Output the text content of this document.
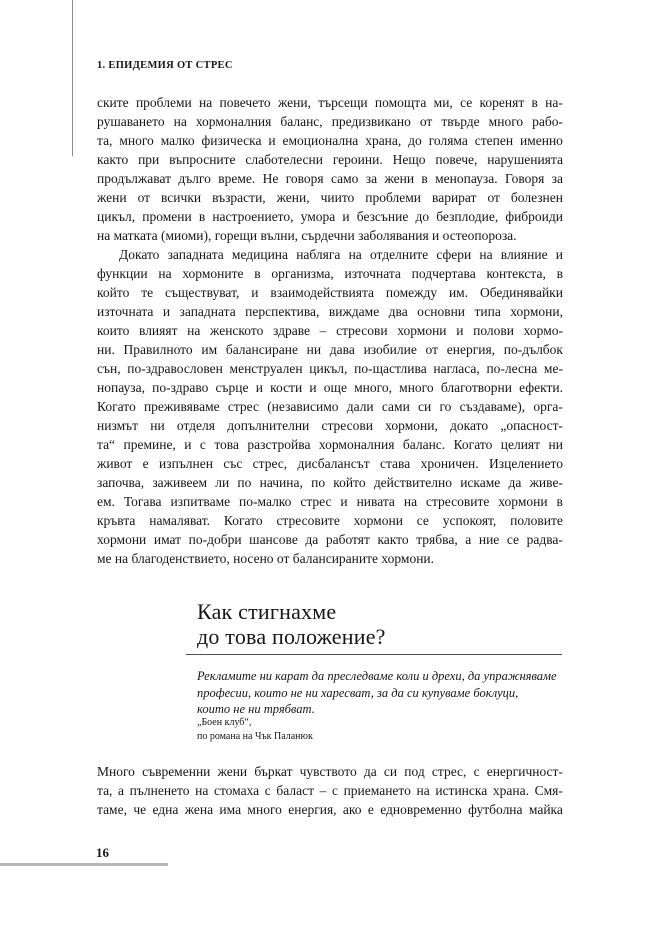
1. ЕПИДЕМИЯ ОТ СТРЕС
ските проблеми на повечето жени, търсещи помощта ми, се коренят в на-
рушаването на хормоналния баланс, предизвикано от твърде много рабо-
та, много малко физическа и емоционална храна, до голяма степен именно
както при въпросните слаботелесни героини. Нещо повече, нарушенията
продължават дълго време. Не говоря само за жени в менопауза. Говоря за
жени от всички възрасти, жени, чиито проблеми варират от болезнен
цикъл, промени в настроението, умора и безсъние до безплодие, фиброиди
на матката (миоми), горещи вълни, сърдечни заболявания и остеопороза.
Докато западната медицина набляга на отделните сфери на влияние и
функции на хормоните в организма, източната подчертава контекста, в
който те съществуват, и взаимодействията помежду им. Обединявайки
източната и западната перспектива, виждаме два основни типа хормони,
които влияят на женското здраве – стресови хормони и полови хормо-
ни. Правилното им балансиране ни дава изобилие от енергия, по-дълбок
сън, по-здравословен менструален цикъл, по-щастлива нагласа, по-лесна ме-
нопауза, по-здраво сърце и кости и още много, много благотворни ефекти.
Когато преживяваме стрес (независимо дали сами си го създаваме), орга-
низмът ни отделя допълнителни стресови хормони, докато „опасност-
та“ премине, и с това разстройва хормоналния баланс. Когато целият ни
живот е изпълнен със стрес, дисбалансът става хроничен. Изцелението
започва, заживеем ли по начина, по който действително искаме да живе-
ем. Тогава изпитваме по-малко стрес и нивата на стресовите хормони в
кръвта намаляват. Когато стресовите хормони се успокоят, половите
хормони имат по-добри шансове да работят както трябва, а ние се радва-
ме на благоденствието, носено от балансираните хормони.
Как стигнахме
до това положение?
Рекламите ни карат да преследваме коли и дрехи, да упражняваме
професии, които не ни харесват, за да си купуваме боклуци,
които не ни трябват.
„Боен клуб“,
по романа на Чък Паланюк
Много съвременни жени бъркат чувството да си под стрес, с енергичност-
та, а пълненето на стомаха с баласт – с приемането на истинска храна. Смя-
таме, че една жена има много енергия, ако е едновременно футболна майка
16
